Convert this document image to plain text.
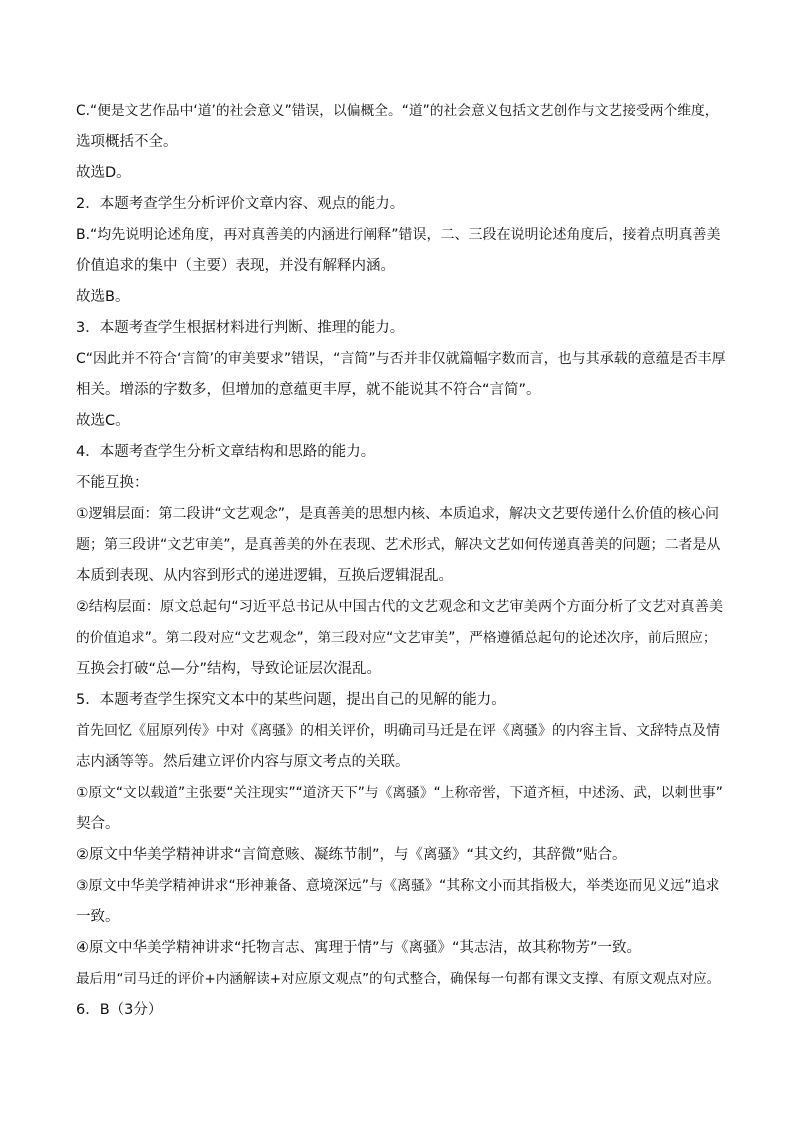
C.“便是文艺作品中‘道’的社会意义”错误，以偏概全。“道”的社会意义包括文艺创作与文艺接受两个维度，
选项概括不全。
故选D。
2．本题考查学生分析评价文章内容、观点的能力。
B.“均先说明论述角度，再对真善美的内涵进行阐释”错误，二、三段在说明论述角度后，接着点明真善美
价值追求的集中（主要）表现，并没有解释内涵。
故选B。
3．本题考查学生根据材料进行判断、推理的能力。
C“因此并不符合‘言简’的审美要求”错误，“言简”与否并非仅就篇幅字数而言，也与其承载的意蕴是否丰厚
相关。增添的字数多，但增加的意蕴更丰厚，就不能说其不符合“言简”。
故选C。
4．本题考查学生分析文章结构和思路的能力。
不能互换：
①逻辑层面：第二段讲“文艺观念”，是真善美的思想内核、本质追求，解决文艺要传递什么价值的核心问
题；第三段讲“文艺审美”，是真善美的外在表现、艺术形式，解决文艺如何传递真善美的问题；二者是从
本质到表现、从内容到形式的递进逻辑，互换后逻辑混乱。
②结构层面：原文总起句“习近平总书记从中国古代的文艺观念和文艺审美两个方面分析了文艺对真善美
的价值追求”。第二段对应“文艺观念”，第三段对应“文艺审美”，严格遵循总起句的论述次序，前后照应；
互换会打破“总—分”结构，导致论证层次混乱。
5．本题考查学生探究文本中的某些问题，提出自己的见解的能力。
首先回忆《屈原列传》中对《离骚》的相关评价，明确司马迁是在评《离骚》的内容主旨、文辞特点及情
志内涵等等。然后建立评价内容与原文考点的关联。
①原文“文以载道”主张要“关注现实”“道济天下”与《离骚》“上称帝喾，下道齐桓，中述汤、武，以刺世事”
契合。
②原文中华美学精神讲求“言简意赅、凝练节制”，与《离骚》“其文约，其辞微”贴合。
③原文中华美学精神讲求“形神兼备、意境深远”与《离骚》“其称文小而其指极大，举类迩而见义远”追求
一致。
④原文中华美学精神讲求“托物言志、寓理于情”与《离骚》“其志洁，故其称物芳”一致。
最后用“司马迁的评价+内涵解读+对应原文观点”的句式整合，确保每一句都有课文支撑、有原文观点对应。
6．B（3分）
